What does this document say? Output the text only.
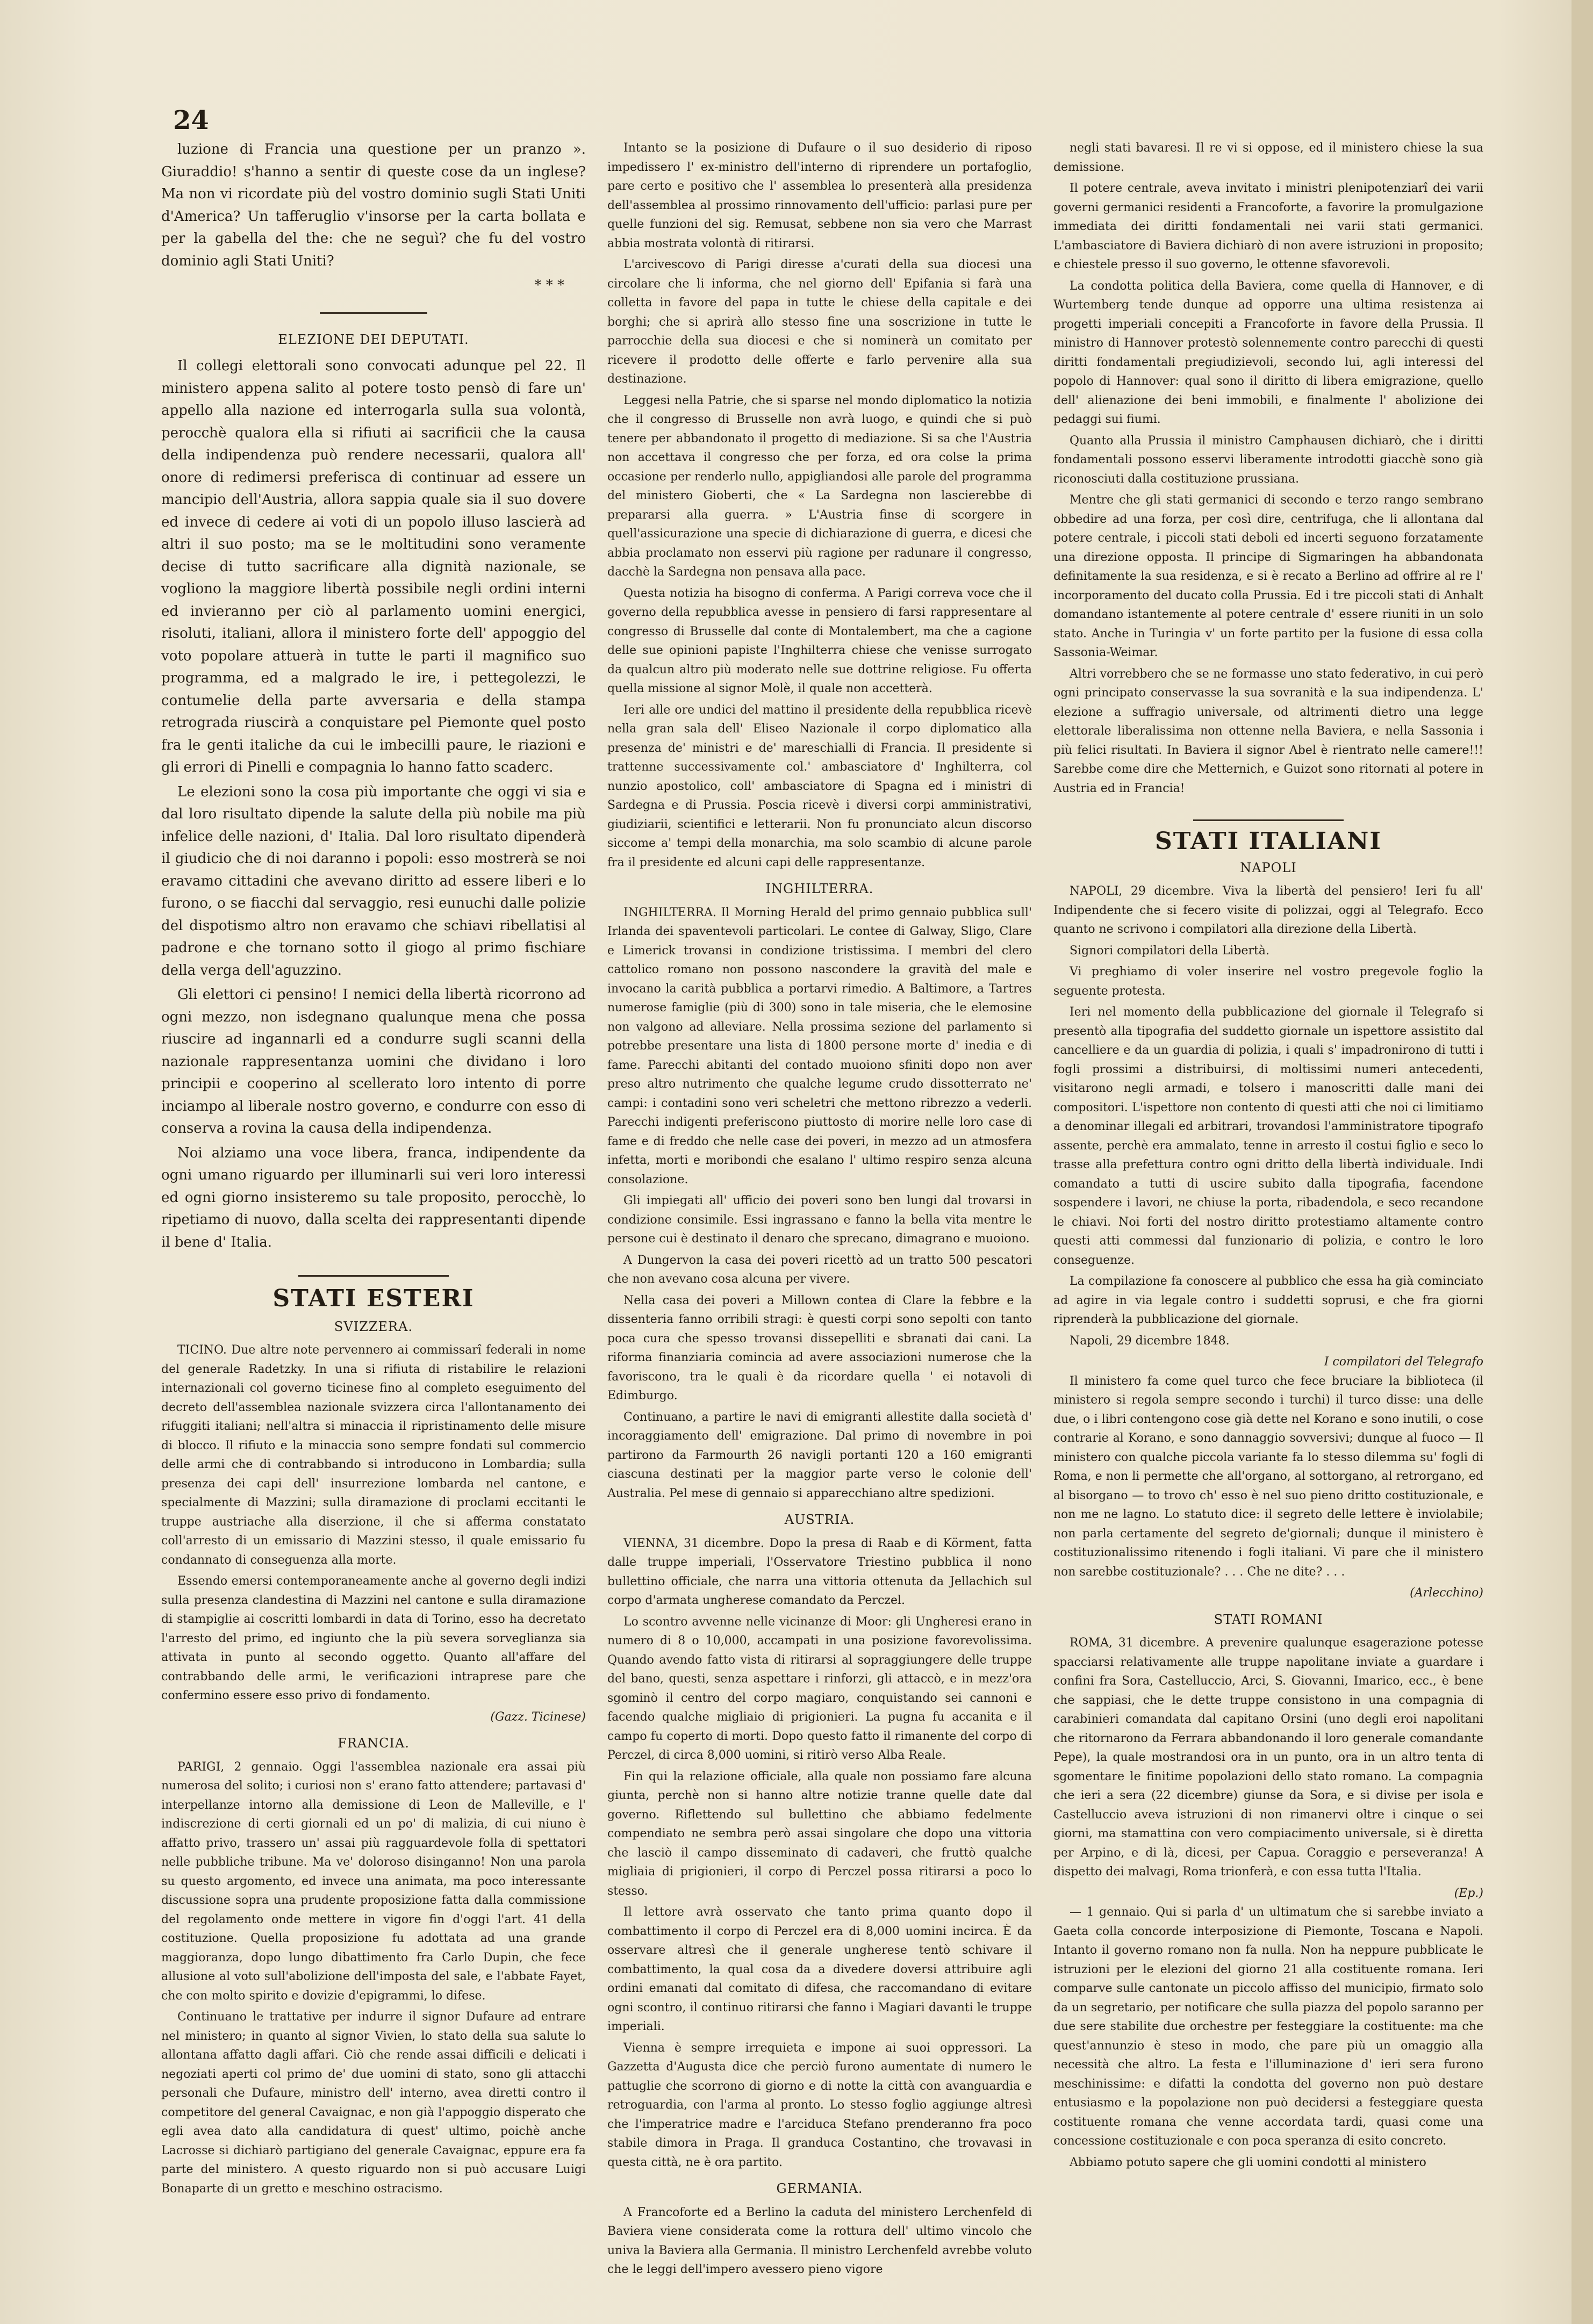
24

luzione di Francia una questione per un pranzo ». Giuraddio! s'hanno a sentir di queste cose da un inglese? Ma non vi ricordate più del vostro dominio sugli Stati Uniti d'America? Un tafferuglio v'insorse per la carta bollata e per la gabella del the: che ne seguì? che fu del vostro dominio agli Stati Uniti?

* * *
ELEZIONE DEI DEPUTATI.

Il collegi elettorali sono convocati adunque pel 22. Il ministero appena salito al potere tosto pensò di fare un' appello alla nazione ed interrogarla sulla sua volontà, perocchè qualora ella si rifiuti ai sacrificii che la causa della indipendenza può rendere necessarii, qualora all' onore di redimersi preferisca di continuar ad essere un mancipio dell'Austria, allora sappia quale sia il suo dovere ed invece di cedere ai voti di un popolo illuso lascierà ad altri il suo posto; ma se le moltitudini sono veramente decise di tutto sacrificare alla dignità nazionale, se vogliono la maggiore libertà possibile negli ordini interni ed invieranno per ciò al parlamento uomini energici, risoluti, italiani, allora il ministero forte dell' appoggio del voto popolare attuerà in tutte le parti il magnifico suo programma, ed a malgrado le ire, i pettegolezzi, le contumelie della parte avversaria e della stampa retrograda riuscirà a conquistare pel Piemonte quel posto fra le genti italiche da cui le imbecilli paure, le riazioni e gli errori di Pinelli e compagnia lo hanno fatto scaderc.

Le elezioni sono la cosa più importante che oggi vi sia e dal loro risultato dipende la salute della più nobile ma più infelice delle nazioni, d' Italia. Dal loro risultato dipenderà il giudicio che di noi daranno i popoli: esso mostrerà se noi eravamo cittadini che avevano diritto ad essere liberi e lo furono, o se fiacchi dal servaggio, resi eunuchi dalle polizie del dispotismo altro non eravamo che schiavi ribellatisi al padrone e che tornano sotto il giogo al primo fischiare della verga dell'aguzzino.

Gli elettori ci pensino! I nemici della libertà ricorrono ad ogni mezzo, non isdegnano qualunque mena che possa riuscire ad ingannarli ed a condurre sugli scanni della nazionale rappresentanza uomini che dividano i loro principii e cooperino al scellerato loro intento di porre inciampo al liberale nostro governo, e condurre con esso di conserva a rovina la causa della indipendenza.

Noi alziamo una voce libera, franca, indipendente da ogni umano riguardo per illuminarli sui veri loro interessi ed ogni giorno insisteremo su tale proposito, perocchè, lo ripetiamo di nuovo, dalla scelta dei rappresentanti dipende il bene d' Italia.

STATI ESTERI
SVIZZERA.

TICINO. Due altre note pervennero ai commissarî federali in nome del generale Radetzky. In una si rifiuta di ristabilire le relazioni internazionali col governo ticinese fino al completo eseguimento del decreto dell'assemblea nazionale svizzera circa l'allontanamento dei rifuggiti italiani; nell'altra si minaccia il ripristinamento delle misure di blocco. Il rifiuto e la minaccia sono sempre fondati sul commercio delle armi che di contrabbando si introducono in Lombardia; sulla presenza dei capi dell' insurrezione lombarda nel cantone, e specialmente di Mazzini; sulla diramazione di proclami eccitanti le truppe austriache alla diserzione, il che si afferma constatato coll'arresto di un emissario di Mazzini stesso, il quale emissario fu condannato di conseguenza alla morte.

Essendo emersi contemporaneamente anche al governo degli indizi sulla presenza clandestina di Mazzini nel cantone e sulla diramazione di stampiglie ai coscritti lombardi in data di Torino, esso ha decretato l'arresto del primo, ed ingiunto che la più severa sorveglianza sia attivata in punto al secondo oggetto. Quanto all'affare del contrabbando delle armi, le verificazioni intraprese pare che confermino essere esso privo di fondamento.

(Gazz. Ticinese)
FRANCIA.

PARIGI, 2 gennaio. Oggi l'assemblea nazionale era assai più numerosa del solito; i curiosi non s' erano fatto attendere; partavasi d' interpellanze intorno alla demissione di Leon de Malleville, e l' indiscrezione di certi giornali ed un po' di malizia, di cui niuno è affatto privo, trassero un' assai più ragguardevole folla di spettatori nelle pubbliche tribune. Ma ve' doloroso disinganno! Non una parola su questo argomento, ed invece una animata, ma poco interessante discussione sopra una prudente proposizione fatta dalla commissione del regolamento onde mettere in vigore fin d'oggi l'art. 41 della costituzione. Quella proposizione fu adottata ad una grande maggioranza, dopo lungo dibattimento fra Carlo Dupin, che fece allusione al voto sull'abolizione dell'imposta del sale, e l'abbate Fayet, che con molto spirito e dovizie d'epigrammi, lo difese.

Continuano le trattative per indurre il signor Dufaure ad entrare nel ministero; in quanto al signor Vivien, lo stato della sua salute lo allontana affatto dagli affari. Ciò che rende assai difficili e delicati i negoziati aperti col primo de' due uomini di stato, sono gli attacchi personali che Dufaure, ministro dell' interno, avea diretti contro il competitore del general Cavaignac, e non già l'appoggio disperato che egli avea dato alla candidatura di quest' ultimo, poichè anche Lacrosse si dichiarò partigiano del generale Cavaignac, eppure era fa parte del ministero. A questo riguardo non si può accusare Luigi Bonaparte di un gretto e meschino ostracismo.

Intanto se la posizione di Dufaure o il suo desiderio di riposo impedissero l' ex-ministro dell'interno di riprendere un portafoglio, pare certo e positivo che l' assemblea lo presenterà alla presidenza dell'assemblea al prossimo rinnovamento dell'ufficio: parlasi pure per quelle funzioni del sig. Remusat, sebbene non sia vero che Marrast abbia mostrata volontà di ritirarsi.

L'arcivescovo di Parigi diresse a'curati della sua diocesi una circolare che li informa, che nel giorno dell' Epifania si farà una colletta in favore del papa in tutte le chiese della capitale e dei borghi; che si aprirà allo stesso fine una soscrizione in tutte le parrocchie della sua diocesi e che si nominerà un comitato per ricevere il prodotto delle offerte e farlo pervenire alla sua destinazione.

Leggesi nella Patrie, che si sparse nel mondo diplomatico la notizia che il congresso di Brusselle non avrà luogo, e quindi che si può tenere per abbandonato il progetto di mediazione. Si sa che l'Austria non accettava il congresso che per forza, ed ora colse la prima occasione per renderlo nullo, appigliandosi alle parole del programma del ministero Gioberti, che « La Sardegna non lascierebbe di prepararsi alla guerra. » L'Austria finse di scorgere in quell'assicurazione una specie di dichiarazione di guerra, e dicesi che abbia proclamato non esservi più ragione per radunare il congresso, dacchè la Sardegna non pensava alla pace.

Questa notizia ha bisogno di conferma. A Parigi correva voce che il governo della repubblica avesse in pensiero di farsi rappresentare al congresso di Brusselle dal conte di Montalembert, ma che a cagione delle sue opinioni papiste l'Inghilterra chiese che venisse surrogato da qualcun altro più moderato nelle sue dottrine religiose. Fu offerta quella missione al signor Molè, il quale non accetterà.

Ieri alle ore undici del mattino il presidente della repubblica ricevè nella gran sala dell' Eliseo Nazionale il corpo diplomatico alla presenza de' ministri e de' mareschialli di Francia. Il presidente si trattenne successivamente col.' ambasciatore d' Inghilterra, col nunzio apostolico, coll' ambasciatore di Spagna ed i ministri di Sardegna e di Prussia. Poscia ricevè i diversi corpi amministrativi, giudiziarii, scientifici e letterarii. Non fu pronunciato alcun discorso siccome a' tempi della monarchia, ma solo scambio di alcune parole fra il presidente ed alcuni capi delle rappresentanze.

INGHILTERRA.

INGHILTERRA. Il Morning Herald del primo gennaio pubblica sull' Irlanda dei spaventevoli particolari. Le contee di Galway, Sligo, Clare e Limerick trovansi in condizione tristissima. I membri del clero cattolico romano non possono nascondere la gravità del male e invocano la carità pubblica a portarvi rimedio. A Baltimore, a Tartres numerose famiglie (più di 300) sono in tale miseria, che le elemosine non valgono ad alleviare. Nella prossima sezione del parlamento si potrebbe presentare una lista di 1800 persone morte d' inedia e di fame. Parecchi abitanti del contado muoiono sfiniti dopo non aver preso altro nutrimento che qualche legume crudo dissotterrato ne' campi: i contadini sono veri scheletri che mettono ribrezzo a vederli. Parecchi indigenti preferiscono piuttosto di morire nelle loro case di fame e di freddo che nelle case dei poveri, in mezzo ad un atmosfera infetta, morti e moribondi che esalano l' ultimo respiro senza alcuna consolazione.

Gli impiegati all' ufficio dei poveri sono ben lungi dal trovarsi in condizione consimile. Essi ingrassano e fanno la bella vita mentre le persone cui è destinato il denaro che sprecano, dimagrano e muoiono.

A Dungervon la casa dei poveri ricettò ad un tratto 500 pescatori che non avevano cosa alcuna per vivere.

Nella casa dei poveri a Millown contea di Clare la febbre e la dissenteria fanno orribili stragi: è questi corpi sono sepolti con tanto poca cura che spesso trovansi dissepelliti e sbranati dai cani. La riforma finanziaria comincia ad avere associazioni numerose che la favoriscono, tra le quali è da ricordare quella ' ei notavoli di Edimburgo.

Continuano, a partire le navi di emigranti allestite dalla società d' incoraggiamento dell' emigrazione. Dal primo di novembre in poi partirono da Farmourth 26 navigli portanti 120 a 160 emigranti ciascuna destinati per la maggior parte verso le colonie dell' Australia. Pel mese di gennaio si apparecchiano altre spedizioni.

AUSTRIA.

VIENNA, 31 dicembre. Dopo la presa di Raab e di Körment, fatta dalle truppe imperiali, l'Osservatore Triestino pubblica il nono bullettino officiale, che narra una vittoria ottenuta da Jellachich sul corpo d'armata ungherese comandato da Perczel.

Lo scontro avvenne nelle vicinanze di Moor: gli Ungheresi erano in numero di 8 o 10,000, accampati in una posizione favorevolissima. Quando avendo fatto vista di ritirarsi al sopraggiungere delle truppe del bano, questi, senza aspettare i rinforzi, gli attaccò, e in mezz'ora sgominò il centro del corpo magiaro, conquistando sei cannoni e facendo qualche migliaio di prigionieri. La pugna fu accanita e il campo fu coperto di morti. Dopo questo fatto il rimanente del corpo di Perczel, di circa 8,000 uomini, si ritirò verso Alba Reale.

Fin qui la relazione officiale, alla quale non possiamo fare alcuna giunta, perchè non si hanno altre notizie tranne quelle date dal governo. Riflettendo sul bullettino che abbiamo fedelmente compendiato ne sembra però assai singolare che dopo una vittoria che lasciò il campo disseminato di cadaveri, che fruttò qualche migliaia di prigionieri, il corpo di Perczel possa ritirarsi a poco lo stesso.

Il lettore avrà osservato che tanto prima quanto dopo il combattimento il corpo di Perczel era di 8,000 uomini incirca. È da osservare altresì che il generale ungherese tentò schivare il combattimento, la qual cosa da a divedere doversi attribuire agli ordini emanati dal comitato di difesa, che raccomandano di evitare ogni scontro, il continuo ritirarsi che fanno i Magiari davanti le truppe imperiali.

Vienna è sempre irrequieta e impone ai suoi oppressori. La Gazzetta d'Augusta dice che perciò furono aumentate di numero le pattuglie che scorrono di giorno e di notte la città con avanguardia e retroguardia, con l'arma al pronto. Lo stesso foglio aggiunge altresì che l'imperatrice madre e l'arciduca Stefano prenderanno fra poco stabile dimora in Praga. Il granduca Costantino, che trovavasi in questa città, ne è ora partito.

GERMANIA.

A Francoforte ed a Berlino la caduta del ministero Lerchenfeld di Baviera viene considerata come la rottura dell' ultimo vincolo che univa la Baviera alla Germania. Il ministro Lerchenfeld avrebbe voluto che le leggi dell'impero avessero pieno vigore

negli stati bavaresi. Il re vi si oppose, ed il ministero chiese la sua demissione.

Il potere centrale, aveva invitato i ministri plenipotenziarî dei varii governi germanici residenti a Francoforte, a favorire la promulgazione immediata dei diritti fondamentali nei varii stati germanici. L'ambasciatore di Baviera dichiarò di non avere istruzioni in proposito; e chiestele presso il suo governo, le ottenne sfavorevoli.

La condotta politica della Baviera, come quella di Hannover, e di Wurtemberg tende dunque ad opporre una ultima resistenza ai progetti imperiali concepiti a Francoforte in favore della Prussia. Il ministro di Hannover protestò solennemente contro parecchi di questi diritti fondamentali pregiudizievoli, secondo lui, agli interessi del popolo di Hannover: qual sono il diritto di libera emigrazione, quello dell' alienazione dei beni immobili, e finalmente l' abolizione dei pedaggi sui fiumi.

Quanto alla Prussia il ministro Camphausen dichiarò, che i diritti fondamentali possono esservi liberamente introdotti giacchè sono già riconosciuti dalla costituzione prussiana.

Mentre che gli stati germanici di secondo e terzo rango sembrano obbedire ad una forza, per così dire, centrifuga, che li allontana dal potere centrale, i piccoli stati deboli ed incerti seguono forzatamente una direzione opposta. Il principe di Sigmaringen ha abbandonata definitamente la sua residenza, e si è recato a Berlino ad offrire al re l' incorporamento del ducato colla Prussia. Ed i tre piccoli stati di Anhalt domandano istantemente al potere centrale d' essere riuniti in un solo stato. Anche in Turingia v' un forte partito per la fusione di essa colla Sassonia-Weimar.

Altri vorrebbero che se ne formasse uno stato federativo, in cui però ogni principato conservasse la sua sovranità e la sua indipendenza. L' elezione a suffragio universale, od altrimenti dietro una legge elettorale liberalissima non ottenne nella Baviera, e nella Sassonia i più felici risultati. In Baviera il signor Abel è rientrato nelle camere!!! Sarebbe come dire che Metternich, e Guizot sono ritornati al potere in Austria ed in Francia!

STATI ITALIANI
NAPOLI

NAPOLI, 29 dicembre. Viva la libertà del pensiero! Ieri fu all' Indipendente che si fecero visite di polizzai, oggi al Telegrafo. Ecco quanto ne scrivono i compilatori alla direzione della Libertà.

Signori compilatori della Libertà.

Vi preghiamo di voler inserire nel vostro pregevole foglio la seguente protesta.

Ieri nel momento della pubblicazione del giornale il Telegrafo si presentò alla tipografia del suddetto giornale un ispettore assistito dal cancelliere e da un guardia di polizia, i quali s' impadronirono di tutti i fogli prossimi a distribuirsi, di moltissimi numeri antecedenti, visitarono negli armadi, e tolsero i manoscritti dalle mani dei compositori. L'ispettore non contento di questi atti che noi ci limitiamo a denominar illegali ed arbitrari, trovandosi l'amministratore tipografo assente, perchè era ammalato, tenne in arresto il costui figlio e seco lo trasse alla prefettura contro ogni dritto della libertà individuale. Indi comandato a tutti di uscire subito dalla tipografia, facendone sospendere i lavori, ne chiuse la porta, ribadendola, e seco recandone le chiavi. Noi forti del nostro diritto protestiamo altamente contro questi atti commessi dal funzionario di polizia, e contro le loro conseguenze.

La compilazione fa conoscere al pubblico che essa ha già cominciato ad agire in via legale contro i suddetti soprusi, e che fra giorni riprenderà la pubblicazione del giornale.

Napoli, 29 dicembre 1848.

I compilatori del Telegrafo

Il ministero fa come quel turco che fece bruciare la biblioteca (il ministero si regola sempre secondo i turchi) il turco disse: una delle due, o i libri contengono cose già dette nel Korano e sono inutili, o cose contrarie al Korano, e sono dannaggio sovversivi; dunque al fuoco — Il ministero con qualche piccola variante fa lo stesso dilemma su' fogli di Roma, e non li permette che all'organo, al sottorgano, al retrorgano, ed al bisorgano — to trovo ch' esso è nel suo pieno dritto costituzionale, e non me ne lagno. Lo statuto dice: il segreto delle lettere è inviolabile; non parla certamente del segreto de'giornali; dunque il ministero è costituzionalissimo ritenendo i fogli italiani. Vi pare che il ministero non sarebbe costituzionale? . . . Che ne dite? . . .

(Arlecchino)
STATI ROMANI

ROMA, 31 dicembre. A prevenire qualunque esagerazione potesse spacciarsi relativamente alle truppe napolitane inviate a guardare i confini fra Sora, Castelluccio, Arci, S. Giovanni, Imarico, ecc., è bene che sappiasi, che le dette truppe consistono in una compagnia di carabinieri comandata dal capitano Orsini (uno degli eroi napolitani che ritornarono da Ferrara abbandonando il loro generale comandante Pepe), la quale mostrandosi ora in un punto, ora in un altro tenta di sgomentare le finitime popolazioni dello stato romano. La compagnia che ieri a sera (22 dicembre) giunse da Sora, e si divise per isola e Castelluccio aveva istruzioni di non rimanervi oltre i cinque o sei giorni, ma stamattina con vero compiacimento universale, si è diretta per Arpino, e di là, dicesi, per Capua. Coraggio e perseveranza! A dispetto dei malvagi, Roma trionferà, e con essa tutta l'Italia.

(Ep.)

— 1 gennaio. Qui si parla d' un ultimatum che si sarebbe inviato a Gaeta colla concorde interposizione di Piemonte, Toscana e Napoli. Intanto il governo romano non fa nulla. Non ha neppure pubblicate le istruzioni per le elezioni del giorno 21 alla costituente romana. Ieri comparve sulle cantonate un piccolo affisso del municipio, firmato solo da un segretario, per notificare che sulla piazza del popolo saranno per due sere stabilite due orchestre per festeggiare la costituente: ma che quest'annunzio è steso in modo, che pare più un omaggio alla necessità che altro. La festa e l'illuminazione d' ieri sera furono meschinissime: e difatti la condotta del governo non può destare entusiasmo e la popolazione non può decidersi a festeggiare questa costituente romana che venne accordata tardi, quasi come una concessione costituzionale e con poca speranza di esito concreto.

Abbiamo potuto sapere che gli uomini condotti al ministero
